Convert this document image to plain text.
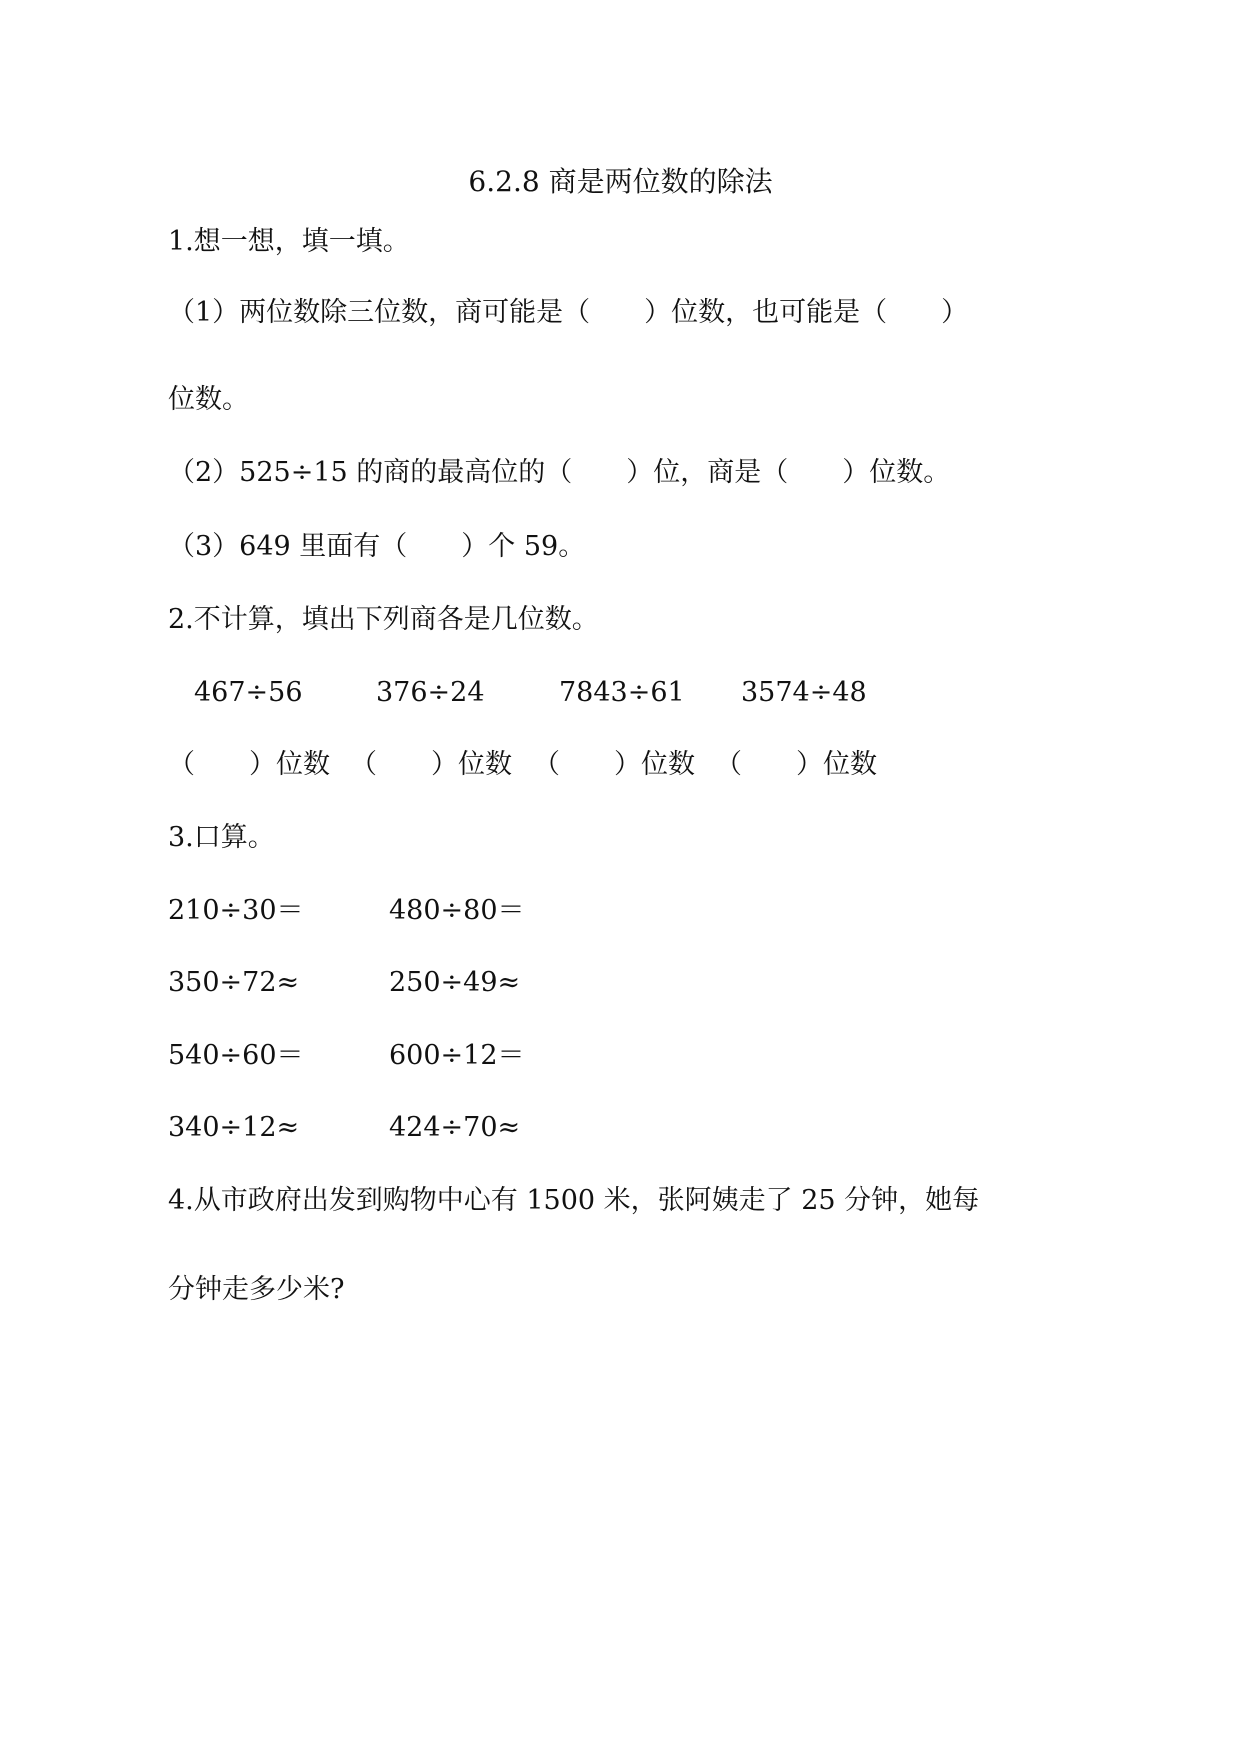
6.2.8 商是两位数的除法
1.想一想，填一填。
（1）两位数除三位数，商可能是（　　）位数，也可能是（　　）
位数。
（2）525÷15 的商的最高位的（　　）位，商是（　　）位数。
（3）649 里面有（　　）个 59。
2.不计算，填出下列商各是几位数。
467÷56	376÷24	7843÷61 3574÷48
（　　）位数 （　　）位数 （　　）位数 （　　）位数
3.口算。
210÷30＝	480÷80＝
350÷72≈	250÷49≈
540÷60＝	600÷12＝
340÷12≈	424÷70≈
4.从市政府出发到购物中心有 1500 米，张阿姨走了 25 分钟，她每
分钟走多少米?
